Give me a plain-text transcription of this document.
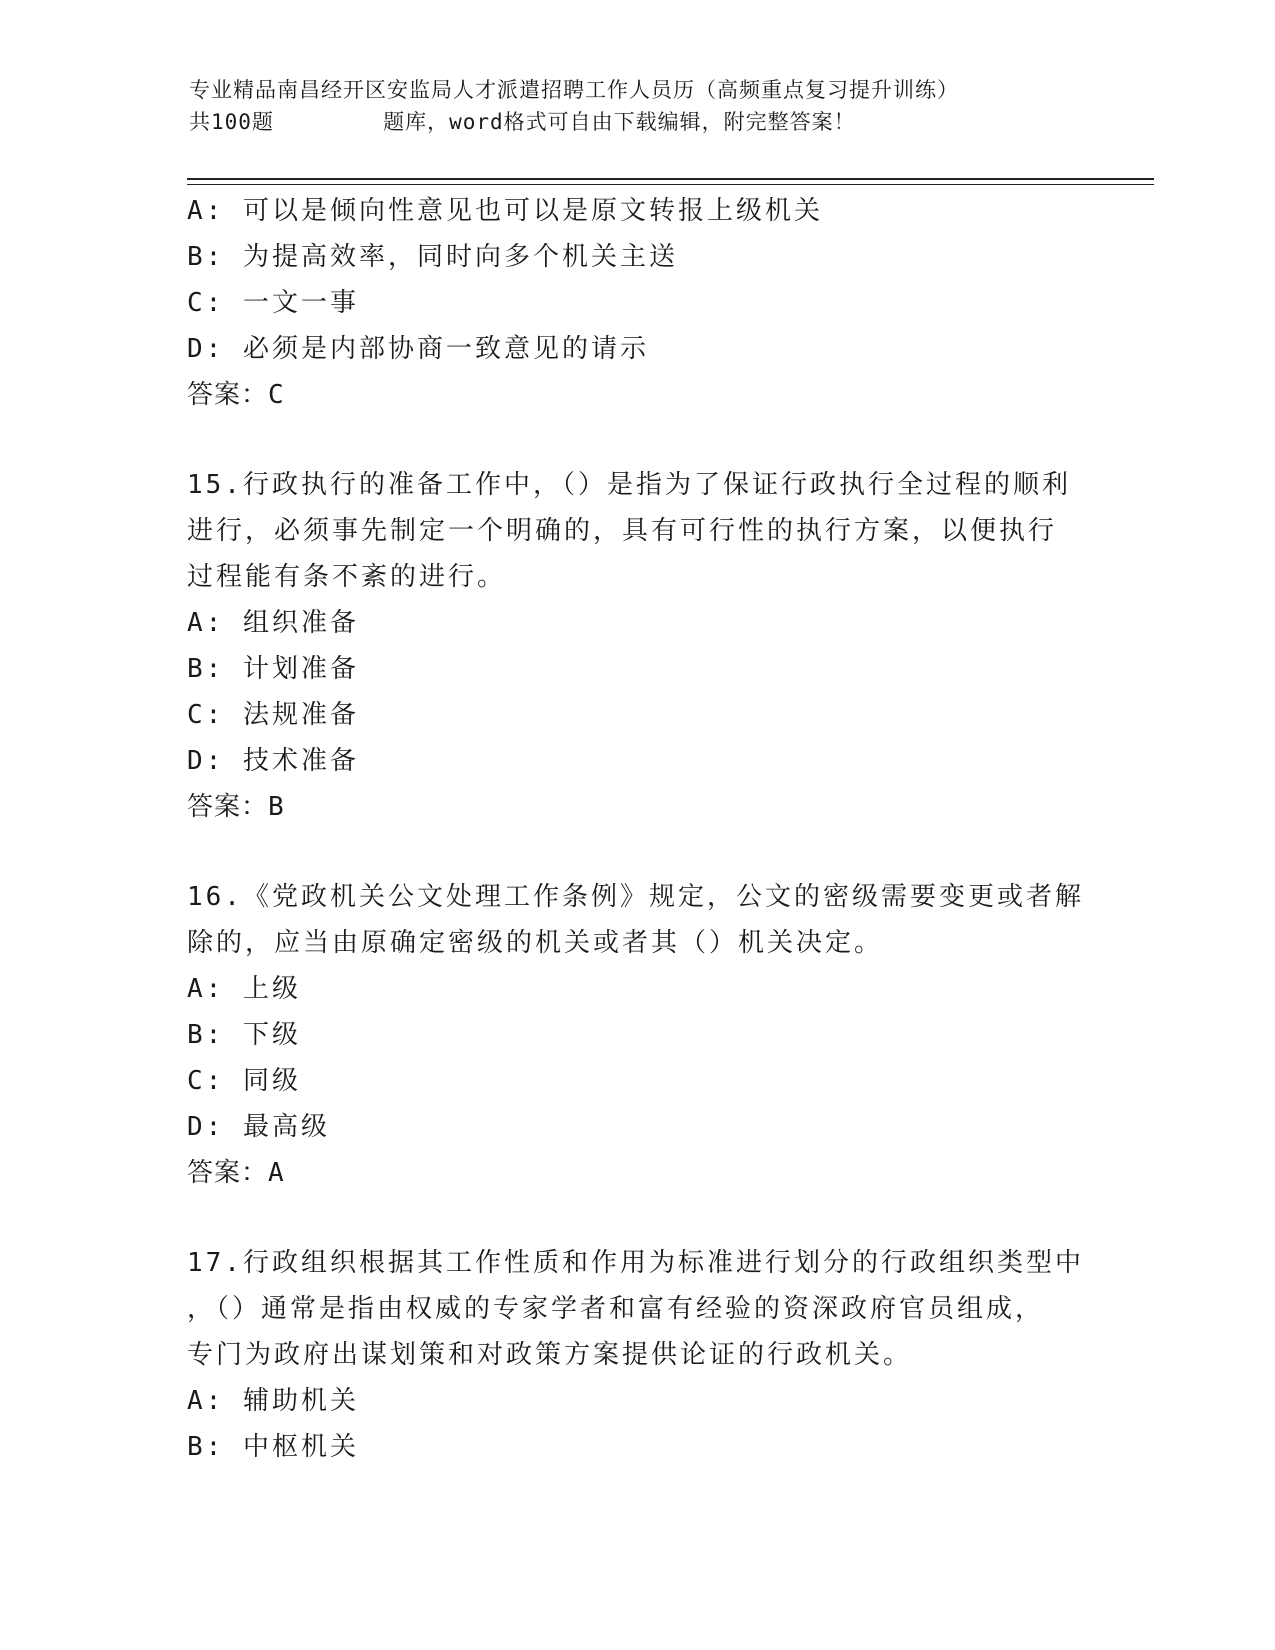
专业精品南昌经开区安监局人才派遣招聘工作人员历（高频重点复习提升训练）
共100题	题库，word格式可自由下载编辑，附完整答案！
A: 可以是倾向性意见也可以是原文转报上级机关
B: 为提高效率，同时向多个机关主送
C: 一文一事
D: 必须是内部协商一致意见的请示
答案：C
15.行政执行的准备工作中，（）是指为了保证行政执行全过程的顺利
进行，必须事先制定一个明确的，具有可行性的执行方案，以便执行
过程能有条不紊的进行。
A: 组织准备
B: 计划准备
C: 法规准备
D: 技术准备
答案：B
16.《党政机关公文处理工作条例》规定，公文的密级需要变更或者解
除的，应当由原确定密级的机关或者其（）机关决定。
A: 上级
B: 下级
C: 同级
D: 最高级
答案：A
17.行政组织根据其工作性质和作用为标准进行划分的行政组织类型中
，（）通常是指由权威的专家学者和富有经验的资深政府官员组成，
专门为政府出谋划策和对政策方案提供论证的行政机关。
A: 辅助机关
B: 中枢机关
